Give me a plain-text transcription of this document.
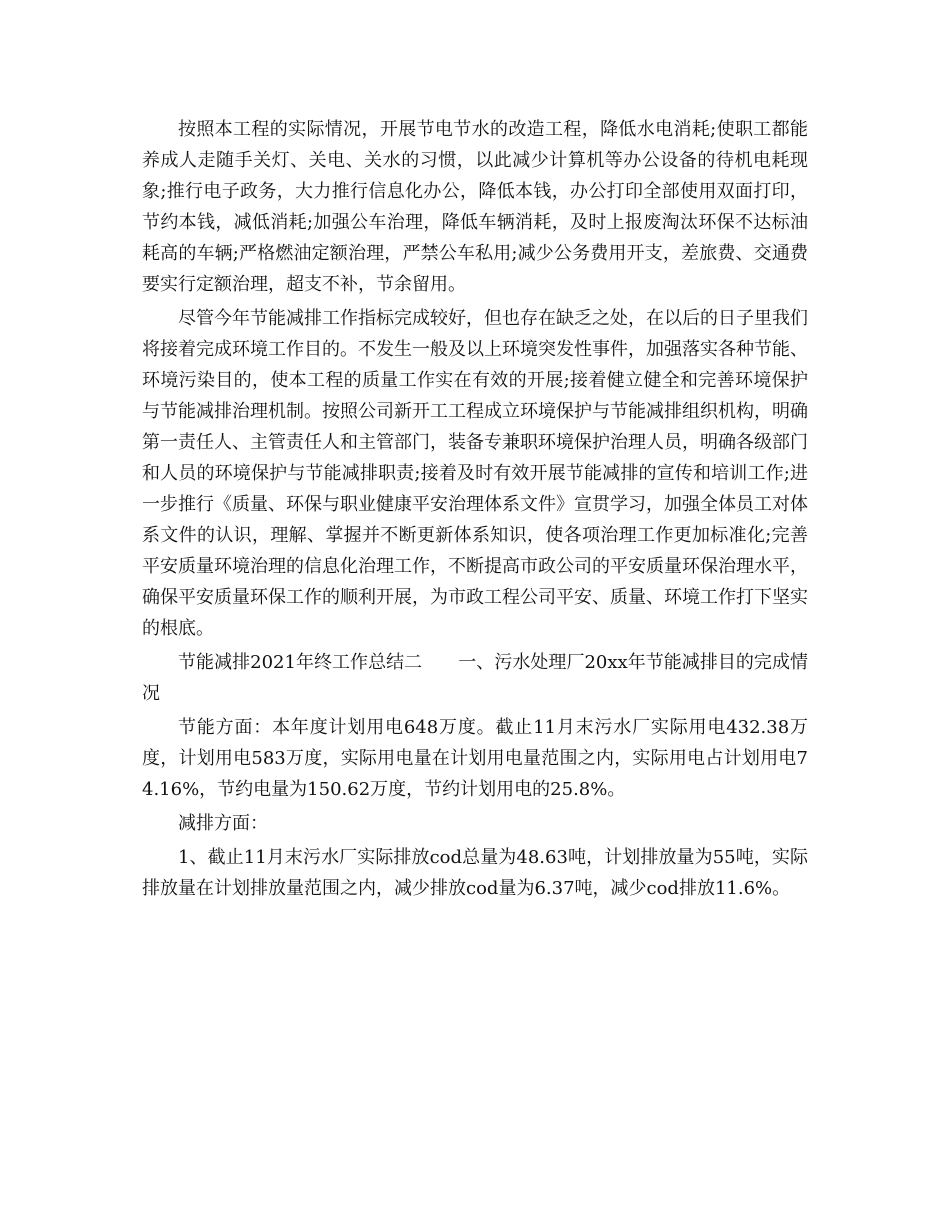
按照本工程的实际情况，开展节电节水的改造工程，降低水电消耗;使职工都能养成人走随手关灯、关电、关水的习惯，以此减少计算机等办公设备的待机电耗现象;推行电子政务，大力推行信息化办公，降低本钱，办公打印全部使用双面打印，节约本钱，减低消耗;加强公车治理，降低车辆消耗，及时上报废淘汰环保不达标油耗高的车辆;严格燃油定额治理，严禁公车私用;减少公务费用开支，差旅费、交通费要实行定额治理，超支不补，节余留用。

尽管今年节能减排工作指标完成较好，但也存在缺乏之处，在以后的日子里我们将接着完成环境工作目的。不发生一般及以上环境突发性事件，加强落实各种节能、环境污染目的，使本工程的质量工作实在有效的开展;接着健立健全和完善环境保护与节能减排治理机制。按照公司新开工工程成立环境保护与节能减排组织机构，明确第一责任人、主管责任人和主管部门，装备专兼职环境保护治理人员，明确各级部门和人员的环境保护与节能减排职责;接着及时有效开展节能减排的宣传和培训工作;进一步推行《质量、环保与职业健康平安治理体系文件》宣贯学习，加强全体员工对体系文件的认识，理解、掌握并不断更新体系知识，使各项治理工作更加标准化;完善平安质量环境治理的信息化治理工作，不断提高市政公司的平安质量环保治理水平，确保平安质量环保工作的顺利开展，为市政工程公司平安、质量、环境工作打下坚实的根底。

节能减排2021年终工作总结二　　一、污水处理厂20xx年节能减排目的完成情况

节能方面：本年度计划用电648万度。截止11月末污水厂实际用电432.38万度，计划用电583万度，实际用电量在计划用电量范围之内，实际用电占计划用电74.16%，节约电量为150.62万度，节约计划用电的25.8%。

减排方面：

1、截止11月末污水厂实际排放cod总量为48.63吨，计划排放量为55吨，实际排放量在计划排放量范围之内，减少排放cod量为6.37吨，减少cod排放11.6%。
